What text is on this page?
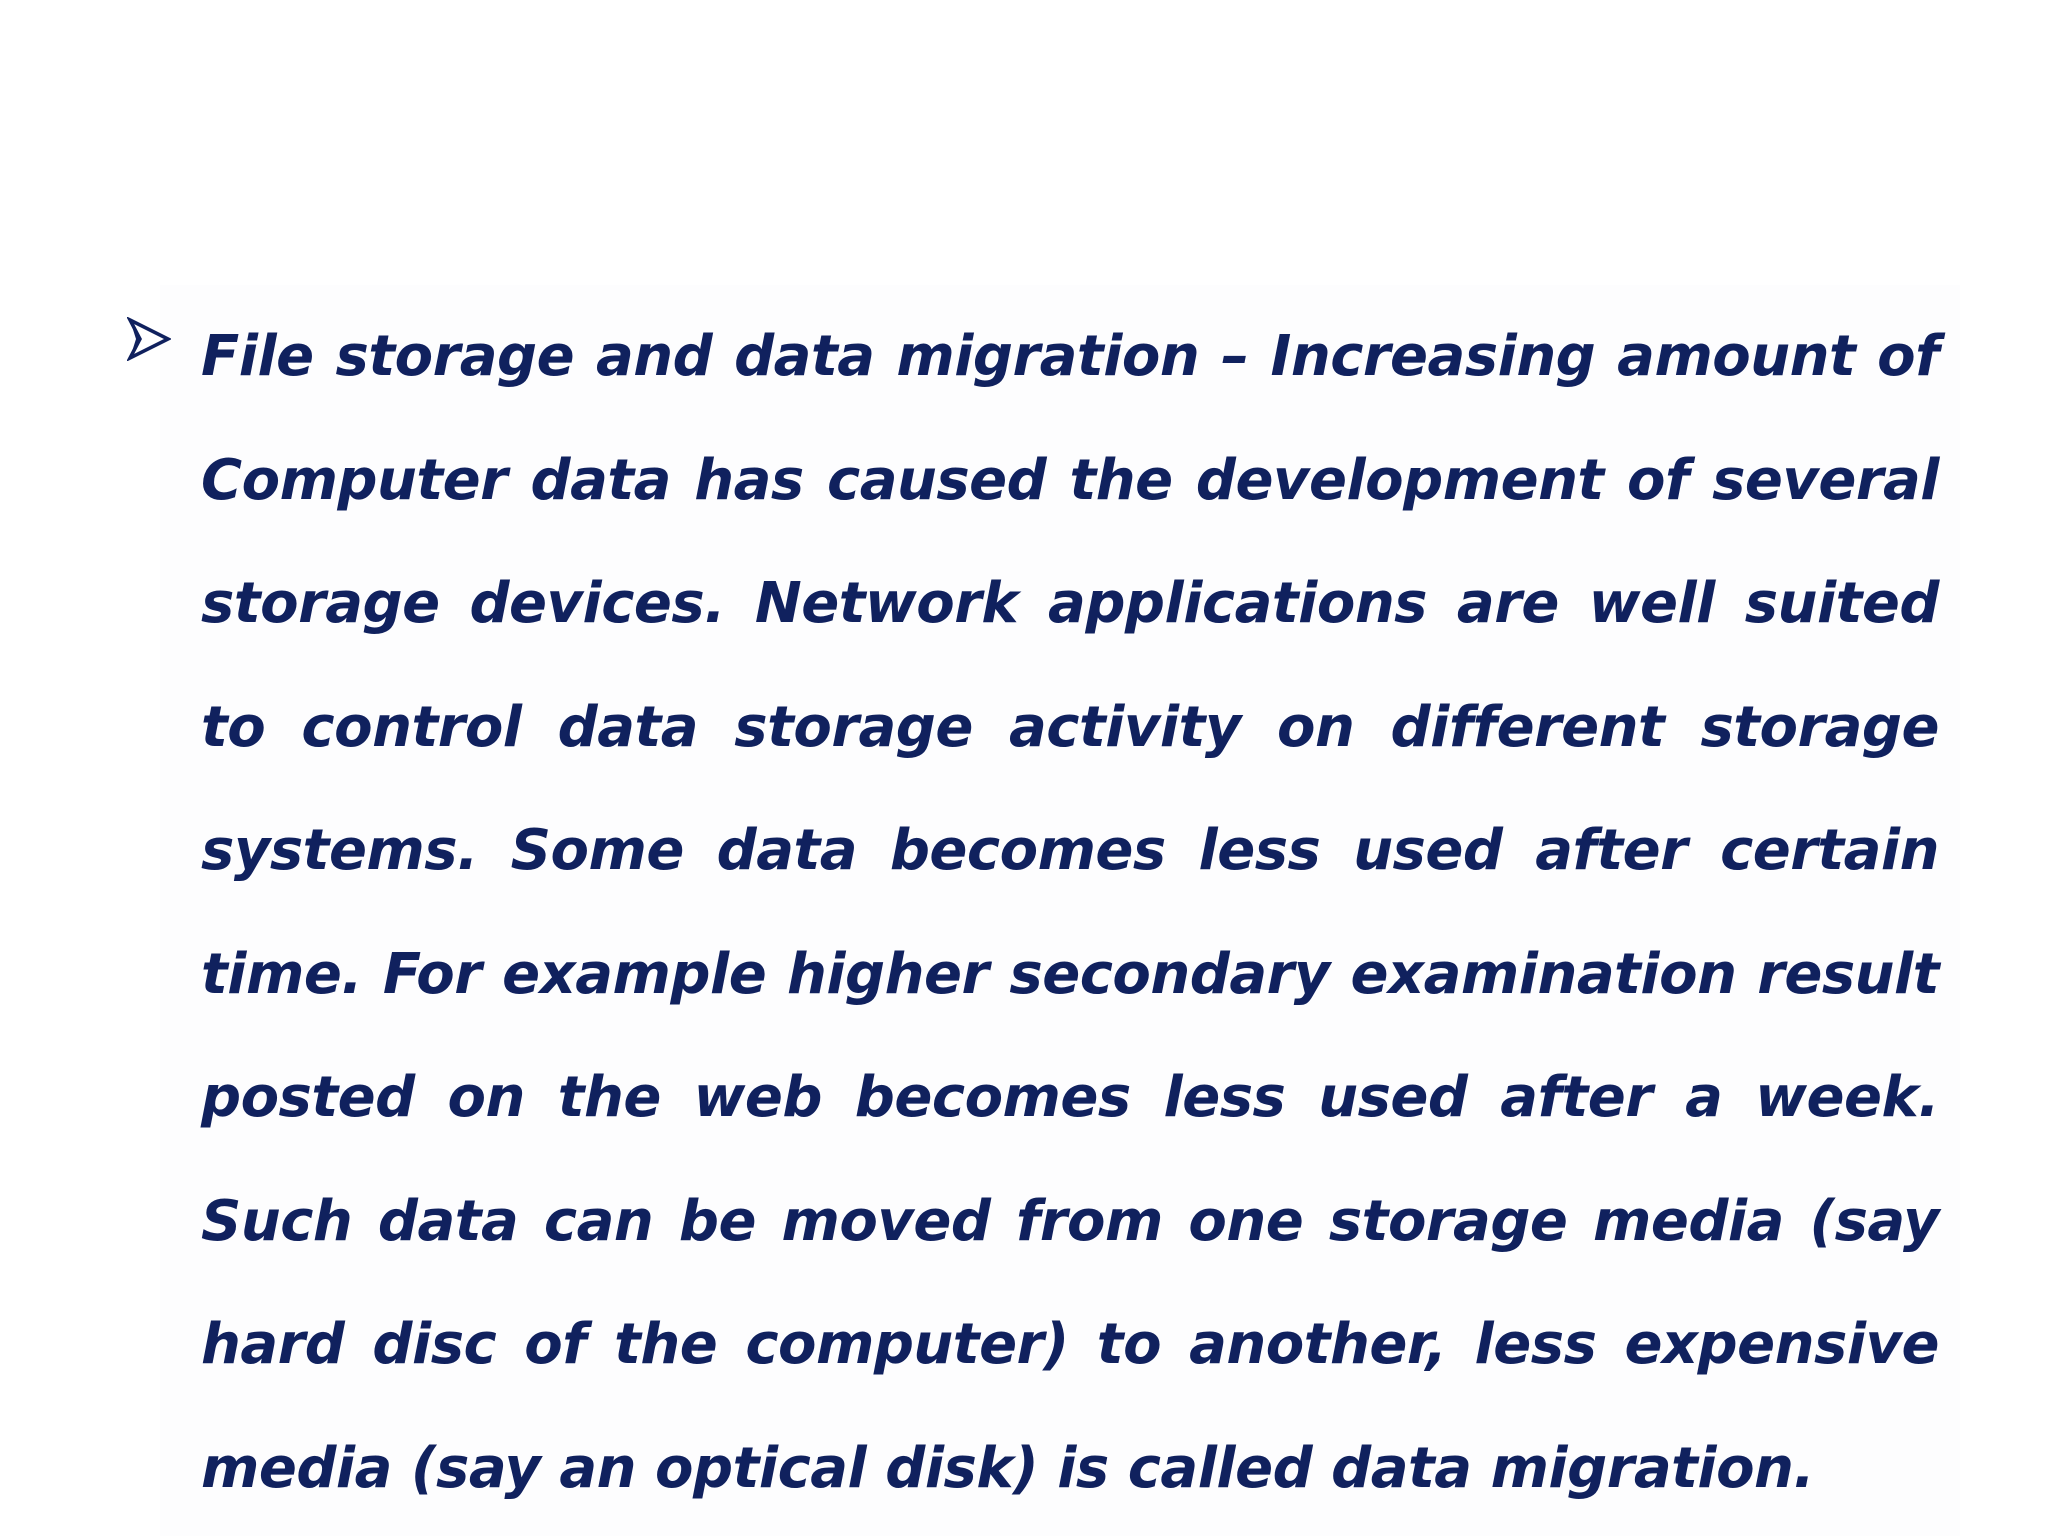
File storage and data migration – Increasing amount of Computer data has caused the development of several storage devices. Network applications are well suited to control data storage activity on different storage systems. Some data becomes less used after certain time. For example higher secondary examination result posted on the web becomes less used after a week. Such data can be moved from one storage media (say hard disc of the computer) to another, less expensive media (say an optical disk) is called data migration.
